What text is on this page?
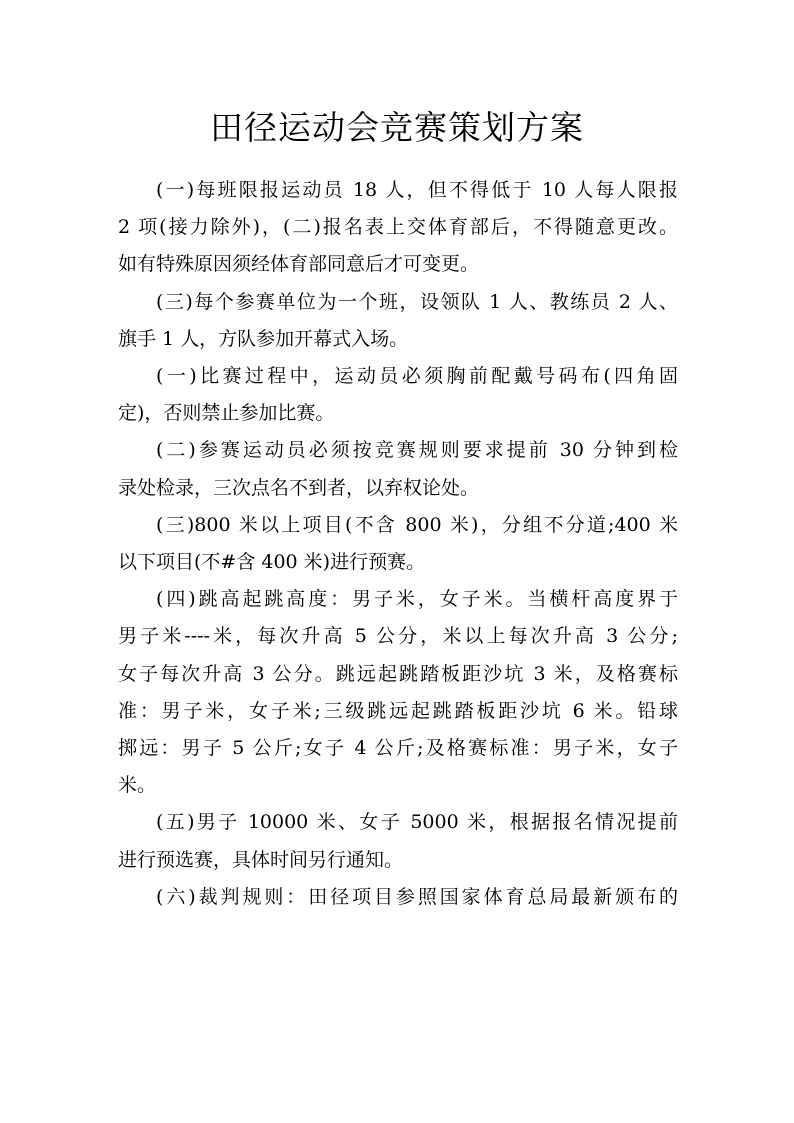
田径运动会竞赛策划方案
(一)每班限报运动员 18 人，但不得低于 10 人每人限报
2 项(接力除外)，(二)报名表上交体育部后，不得随意更改。
如有特殊原因须经体育部同意后才可变更。
(三)每个参赛单位为一个班，设领队 1 人、教练员 2 人、
旗手 1 人，方队参加开幕式入场。
(一)比赛过程中，运动员必须胸前配戴号码布(四角固
定)，否则禁止参加比赛。
(二)参赛运动员必须按竞赛规则要求提前 30 分钟到检
录处检录，三次点名不到者，以弃权论处。
(三)800 米以上项目(不含 800 米)，分组不分道;400 米
以下项目(不#含 400 米)进行预赛。
(四)跳高起跳高度：男子米，女子米。当横杆高度界于
男子米----米，每次升高 5 公分，米以上每次升高 3 公分;
女子每次升高 3 公分。跳远起跳踏板距沙坑 3 米，及格赛标
准：男子米，女子米;三级跳远起跳踏板距沙坑 6 米。铅球
掷远：男子 5 公斤;女子 4 公斤;及格赛标准：男子米，女子
米。
(五)男子 10000 米、女子 5000 米，根据报名情况提前
进行预选赛，具体时间另行通知。
(六)裁判规则：田径项目参照国家体育总局最新颁布的
